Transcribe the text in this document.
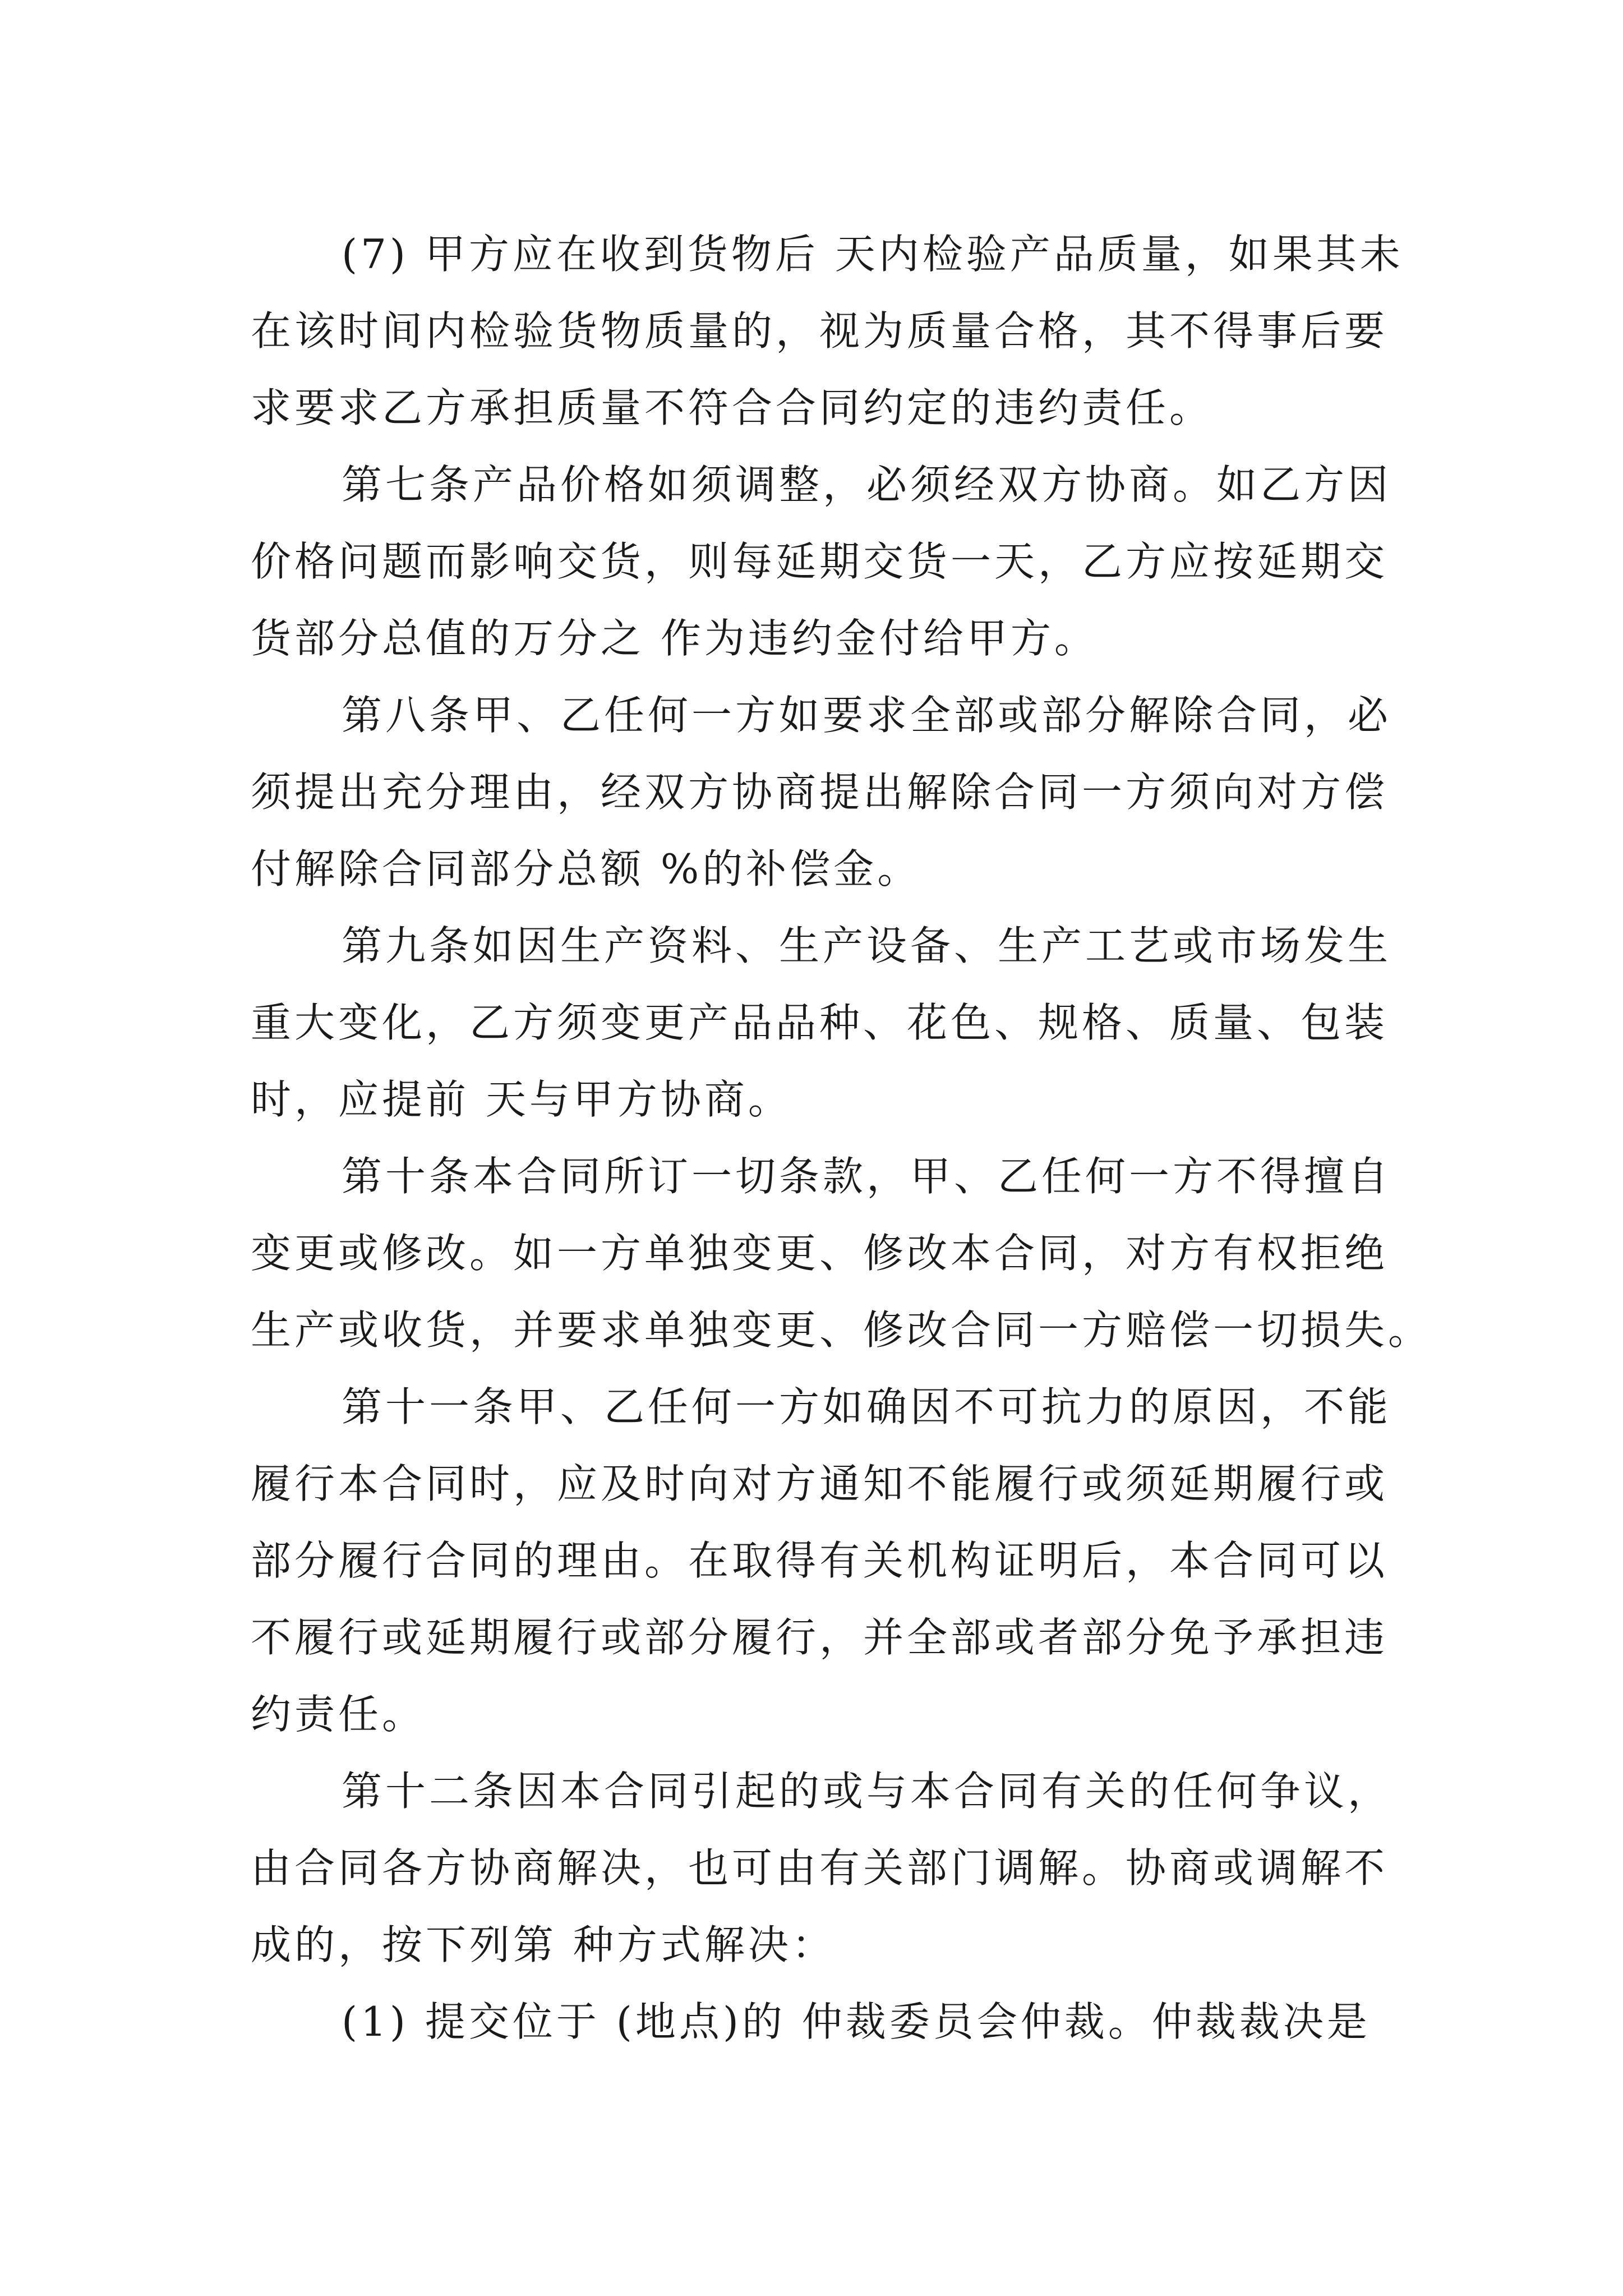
(7) 甲方应在收到货物后 天内检验产品质量，如果其未
在该时间内检验货物质量的，视为质量合格，其不得事后要
求要求乙方承担质量不符合合同约定的违约责任。
第七条产品价格如须调整，必须经双方协商。如乙方因
价格问题而影响交货，则每延期交货一天，乙方应按延期交
货部分总值的万分之 作为违约金付给甲方。
第八条甲、乙任何一方如要求全部或部分解除合同，必
须提出充分理由，经双方协商提出解除合同一方须向对方偿
付解除合同部分总额 %的补偿金。
第九条如因生产资料、生产设备、生产工艺或市场发生
重大变化，乙方须变更产品品种、花色、规格、质量、包装
时，应提前 天与甲方协商。
第十条本合同所订一切条款，甲、乙任何一方不得擅自
变更或修改。如一方单独变更、修改本合同，对方有权拒绝
生产或收货，并要求单独变更、修改合同一方赔偿一切损失。
第十一条甲、乙任何一方如确因不可抗力的原因，不能
履行本合同时，应及时向对方通知不能履行或须延期履行或
部分履行合同的理由。在取得有关机构证明后，本合同可以
不履行或延期履行或部分履行，并全部或者部分免予承担违
约责任。
第十二条因本合同引起的或与本合同有关的任何争议，
由合同各方协商解决，也可由有关部门调解。协商或调解不
成的，按下列第 种方式解决：
(1) 提交位于 (地点)的 仲裁委员会仲裁。仲裁裁决是
